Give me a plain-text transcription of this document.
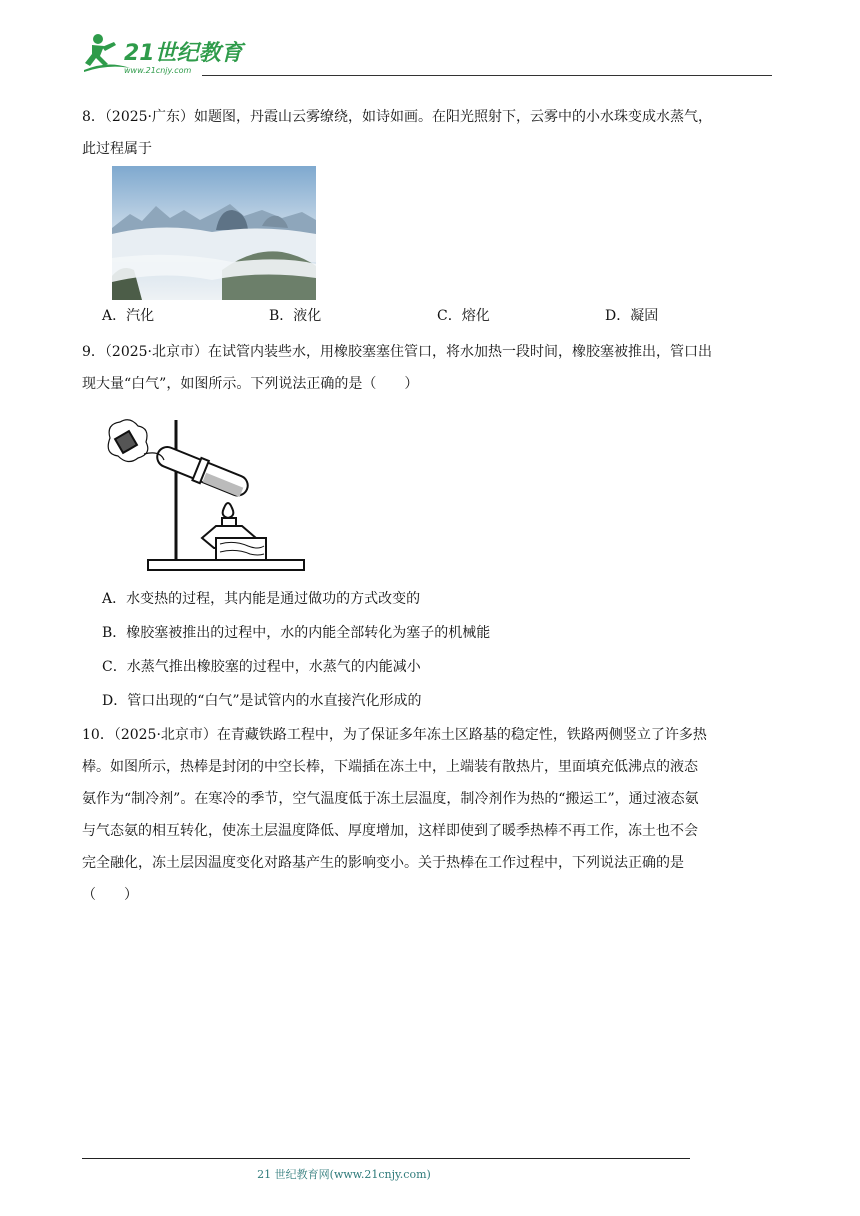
21世纪教育
www.21cnjy.com
8．（2025·广东）如题图，丹霞山云雾缭绕，如诗如画。在阳光照射下，云雾中的小水珠变成水蒸气，
此过程属于
A．汽化	B．液化	C．熔化	D．凝固
9．（2025·北京市）在试管内装些水，用橡胶塞塞住管口，将水加热一段时间，橡胶塞被推出，管口出
现大量“白气”，如图所示。下列说法正确的是（　　）
A．水变热的过程，其内能是通过做功的方式改变的
B．橡胶塞被推出的过程中，水的内能全部转化为塞子的机械能
C．水蒸气推出橡胶塞的过程中，水蒸气的内能减小
D．管口出现的“白气”是试管内的水直接汽化形成的
10．（2025·北京市）在青藏铁路工程中，为了保证多年冻土区路基的稳定性，铁路两侧竖立了许多热
棒。如图所示，热棒是封闭的中空长棒，下端插在冻土中，上端装有散热片，里面填充低沸点的液态
氨作为“制冷剂”。在寒冷的季节，空气温度低于冻土层温度，制冷剂作为热的“搬运工”，通过液态氨
与气态氨的相互转化，使冻土层温度降低、厚度增加，这样即使到了暖季热棒不再工作，冻土也不会
完全融化，冻土层因温度变化对路基产生的影响变小。关于热棒在工作过程中，下列说法正确的是
（　　）
21 世纪教育网(www.21cnjy.com)
